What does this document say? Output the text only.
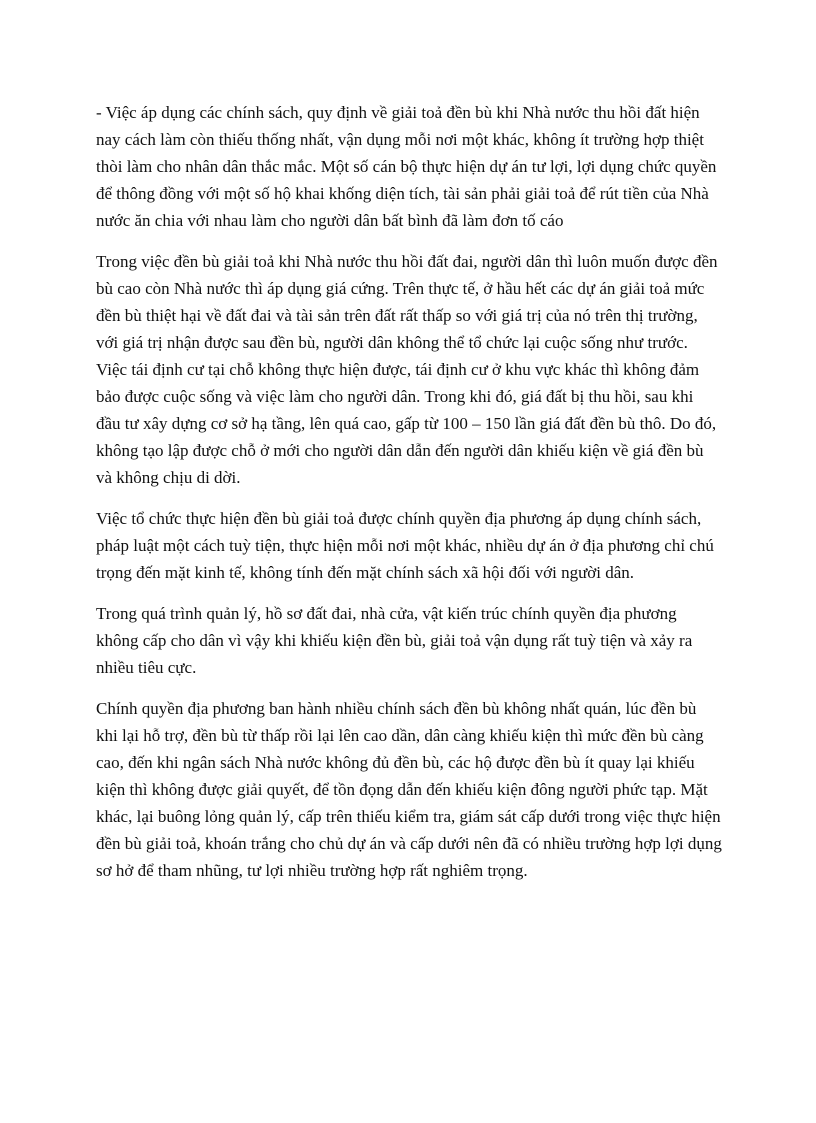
- Việc áp dụng các chính sách, quy định về giải toả đền bù khi Nhà nước thu hồi đất hiện nay cách làm còn thiếu thống nhất, vận dụng mỗi nơi một khác, không ít trường hợp thiệt thòi làm cho nhân dân thắc mắc. Một số cán bộ thực hiện dự án tư lợi, lợi dụng chức quyền để thông đồng với một số hộ khai khống diện tích, tài sản phải giải toả để rút tiền của Nhà nước ăn chia với nhau làm cho người dân bất bình đã làm đơn tố cáo

Trong việc đền bù giải toả khi Nhà nước thu hồi đất đai, người dân thì luôn muốn được đền bù cao còn Nhà nước thì áp dụng giá cứng. Trên thực tế, ở hầu hết các dự án giải toả mức đền bù thiệt hại về đất đai và tài sản trên đất rất thấp so với giá trị của nó trên thị trường, với giá trị nhận được sau đền bù, người dân không thể tổ chức lại cuộc sống như trước. Việc tái định cư tại chỗ không thực hiện được, tái định cư ở khu vực khác thì không đảm bảo được cuộc sống và việc làm cho người dân. Trong khi đó, giá đất bị thu hồi, sau khi đầu tư xây dựng cơ sở hạ tầng, lên quá cao, gấp từ 100 – 150 lần giá đất đền bù thô. Do đó, không tạo lập được chỗ ở mới cho người dân dẫn đến người dân khiếu kiện về giá đền bù và không chịu di dời.

Việc tổ chức thực hiện đền bù giải toả được chính quyền địa phương áp dụng chính sách, pháp luật một cách tuỳ tiện, thực hiện mỗi nơi một khác, nhiều dự án ở địa phương chỉ chú trọng đến mặt kinh tế, không tính đến mặt chính sách xã hội đối với người dân.

Trong quá trình quản lý, hồ sơ đất đai, nhà cửa, vật kiến trúc chính quyền địa phương không cấp cho dân vì vậy khi khiếu kiện đền bù, giải toả vận dụng rất tuỳ tiện và xảy ra nhiều tiêu cực.

Chính quyền địa phương ban hành nhiều chính sách đền bù không nhất quán, lúc đền bù khi lại hỗ trợ, đền bù từ thấp rồi lại lên cao dần, dân càng khiếu kiện thì mức đền bù càng cao, đến khi ngân sách Nhà nước không đủ đền bù, các hộ được đền bù ít quay lại khiếu kiện thì không được giải quyết, để tồn đọng dẫn đến khiếu kiện đông người phức tạp. Mặt khác, lại buông lỏng quản lý, cấp trên thiếu kiểm tra, giám sát cấp dưới trong việc thực hiện đền bù giải toả, khoán trắng cho chủ dự án và cấp dưới nên đã có nhiều trường hợp lợi dụng sơ hở để tham nhũng, tư lợi nhiều trường hợp rất nghiêm trọng.
